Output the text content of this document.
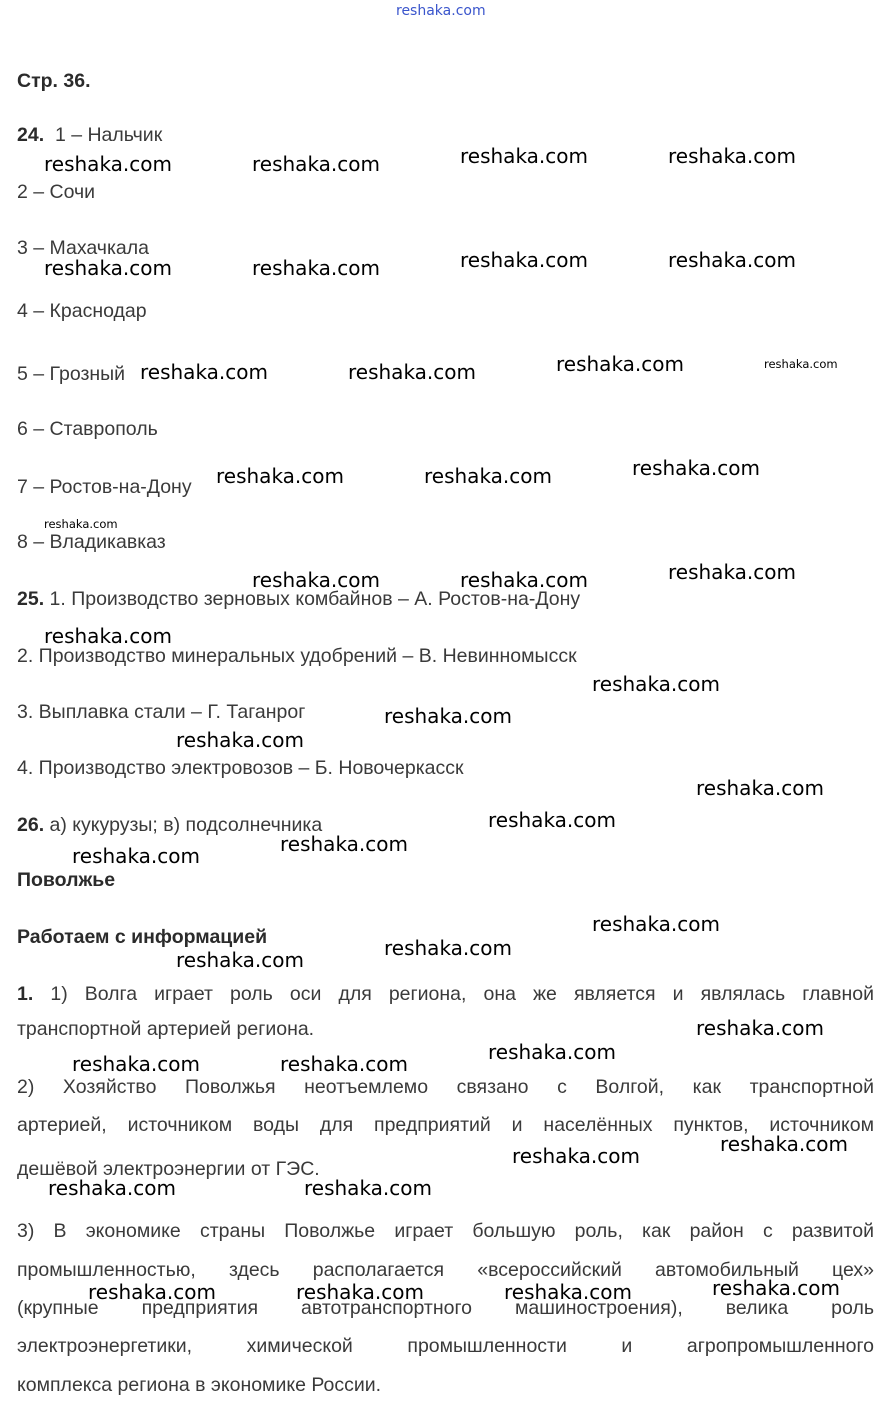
reshaka.com
Стр. 36.
24. 1 – Нальчик
2 – Сочи
3 – Махачкала
4 – Краснодар
5 – Грозный
6 – Ставрополь
7 – Ростов-на-Дону
8 – Владикавказ
25. 1. Производство зерновых комбайнов – А. Ростов-на-Дону
2. Производство минеральных удобрений – В. Невинномысск
3. Выплавка стали – Г. Таганрог
4. Производство электровозов – Б. Новочеркасск
26. а) кукурузы; в) подсолнечника
Поволжье
Работаем с информацией
1. 1) Волга играет роль оси для региона, она же является и являлась главной
транспортной артерией региона.
2) Хозяйство Поволжья неотъемлемо связано с Волгой, как транспортной
артерией, источником воды для предприятий и населённых пунктов, источником
дешёвой электроэнергии от ГЭС.
3) В экономике страны Поволжье играет большую роль, как район с развитой
промышленностью, здесь располагается «всероссийский автомобильный цех»
(крупные предприятия автотранспортного машиностроения), велика роль
электроэнергетики, химической промышленности и агропромышленного
комплекса региона в экономике России.
reshaka.com	reshaka.com	reshaka.com	reshaka.com
reshaka.com	reshaka.com	reshaka.com	reshaka.com
reshaka.com	reshaka.com	reshaka.com	reshaka.com
reshaka.com	reshaka.com	reshaka.com
reshaka.com
reshaka.com	reshaka.com	reshaka.com
reshaka.com
reshaka.com
reshaka.com
reshaka.com
reshaka.com
reshaka.com
reshaka.com
reshaka.com
reshaka.com
reshaka.com
reshaka.com
reshaka.com
reshaka.com
reshaka.com	reshaka.com
reshaka.com
reshaka.com
reshaka.com	reshaka.com
reshaka.com
reshaka.com	reshaka.com	reshaka.com
